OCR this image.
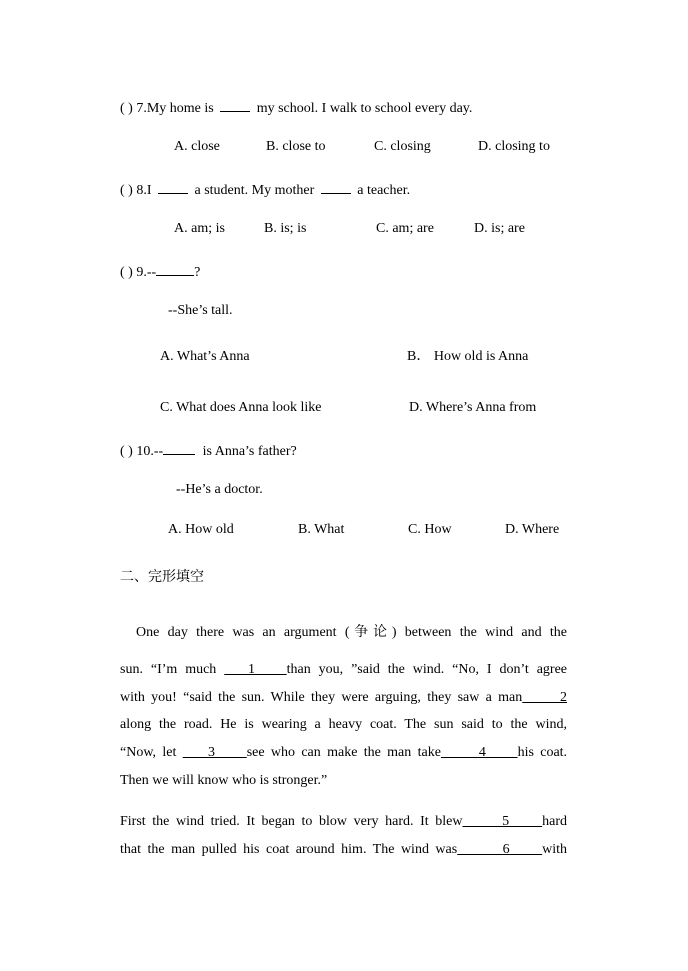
( ) 7.My home is	my school. I walk to school every day.
A. close	B. close to	C. closing	D. closing to
( ) 8.I	a student. My mother	a teacher.
A. am; is	B. is; is	C. am; are	D. is; are
( ) 9.--	?
--She’s tall.
A. What’s Anna	B． How old is Anna
C. What does Anna look like	D. Where’s Anna from
( ) 10.--	is Anna’s father?
--He’s a doctor.
A. How old	B. What	C. How	D. Where
二、完形填空
One day there was an argument (争论) between the wind and the
sun. “I’m much 1 than you, ”said the wind. “No, I don’t agree
with you! “said the sun. While they were arguing, they saw a man	2
along the road. He is wearing a heavy coat. The sun said to the wind,
“Now, let 3 see who can make the man take	4 his coat.
Then we will know who is stronger.”
First the wind tried. It began to blow very hard. It blew	5 hard
that the man pulled his coat around him. The wind was	6 with
